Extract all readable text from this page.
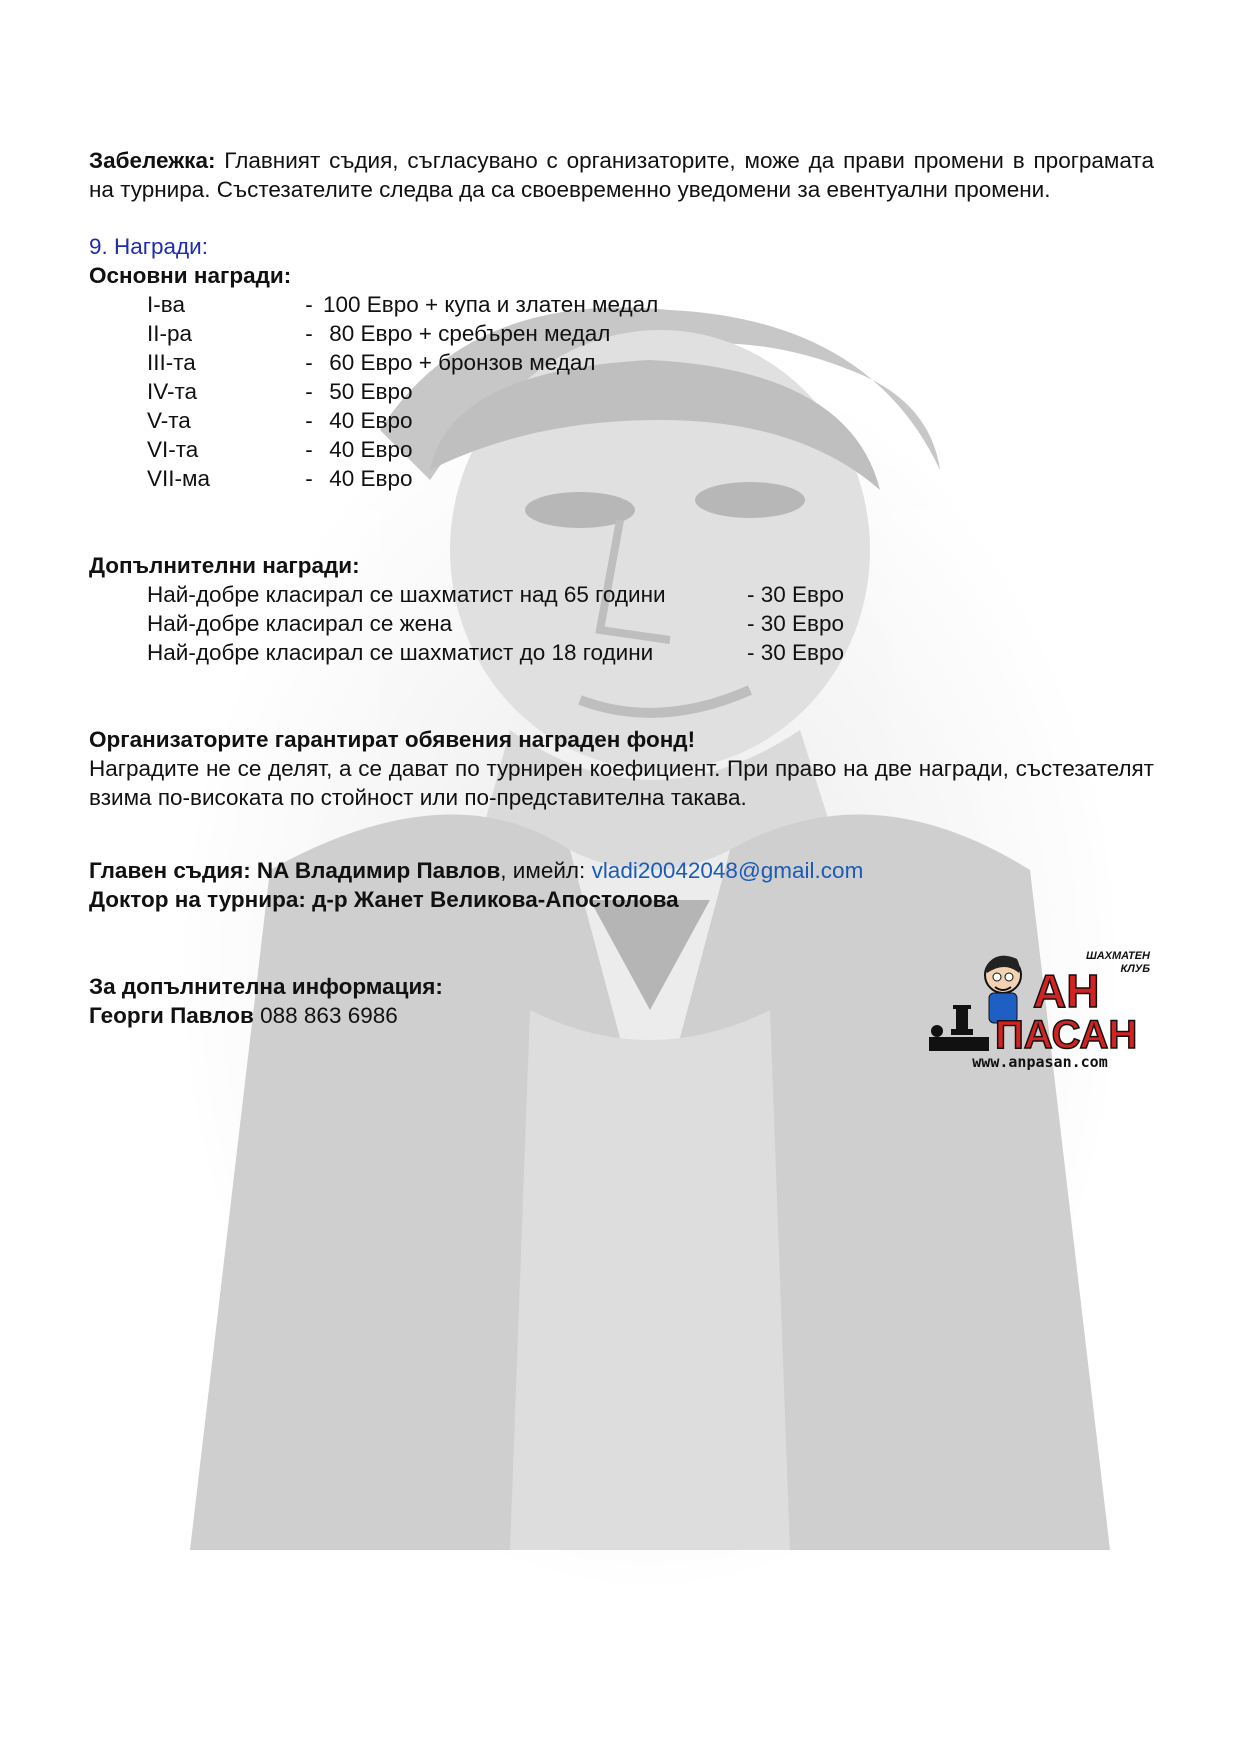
Забележка: Главният съдия, съгласувано с организаторите, може да прави промени в програмата на турнира. Състезателите следва да са своевременно уведомени за евентуални промени.
9. Награди:
Основни награди:
I-ва	- 100 Евро + купа и златен медал
II-ра	- 80 Евро + сребърен медал
III-та	- 60 Евро + бронзов медал
IV-та	- 50 Евро
V-та	- 40 Евро
VI-та	- 40 Евро
VII-ма	- 40 Евро
Допълнителни награди:
Най-добре класирал се шахматист над 65 години	- 30 Евро
Най-добре класирал се жена	- 30 Евро
Най-добре класирал се шахматист до 18 години	- 30 Евро
Организаторите гарантират обявения награден фонд!
Наградите не се делят, а се дават по турнирен коефициент. При право на две награди, състезателят взима по-високата по стойност или по-представителна такава.
Главен съдия: NA Владимир Павлов, имейл: vladi20042048@gmail.com
Доктор на турнира: д-р Жанет Великова-Апостолова
За допълнителна информация:
Георги Павлов 088 863 6986
ШАХМАТЕН
КЛУБ
АН
ПАСАН
www.anpasan.com
